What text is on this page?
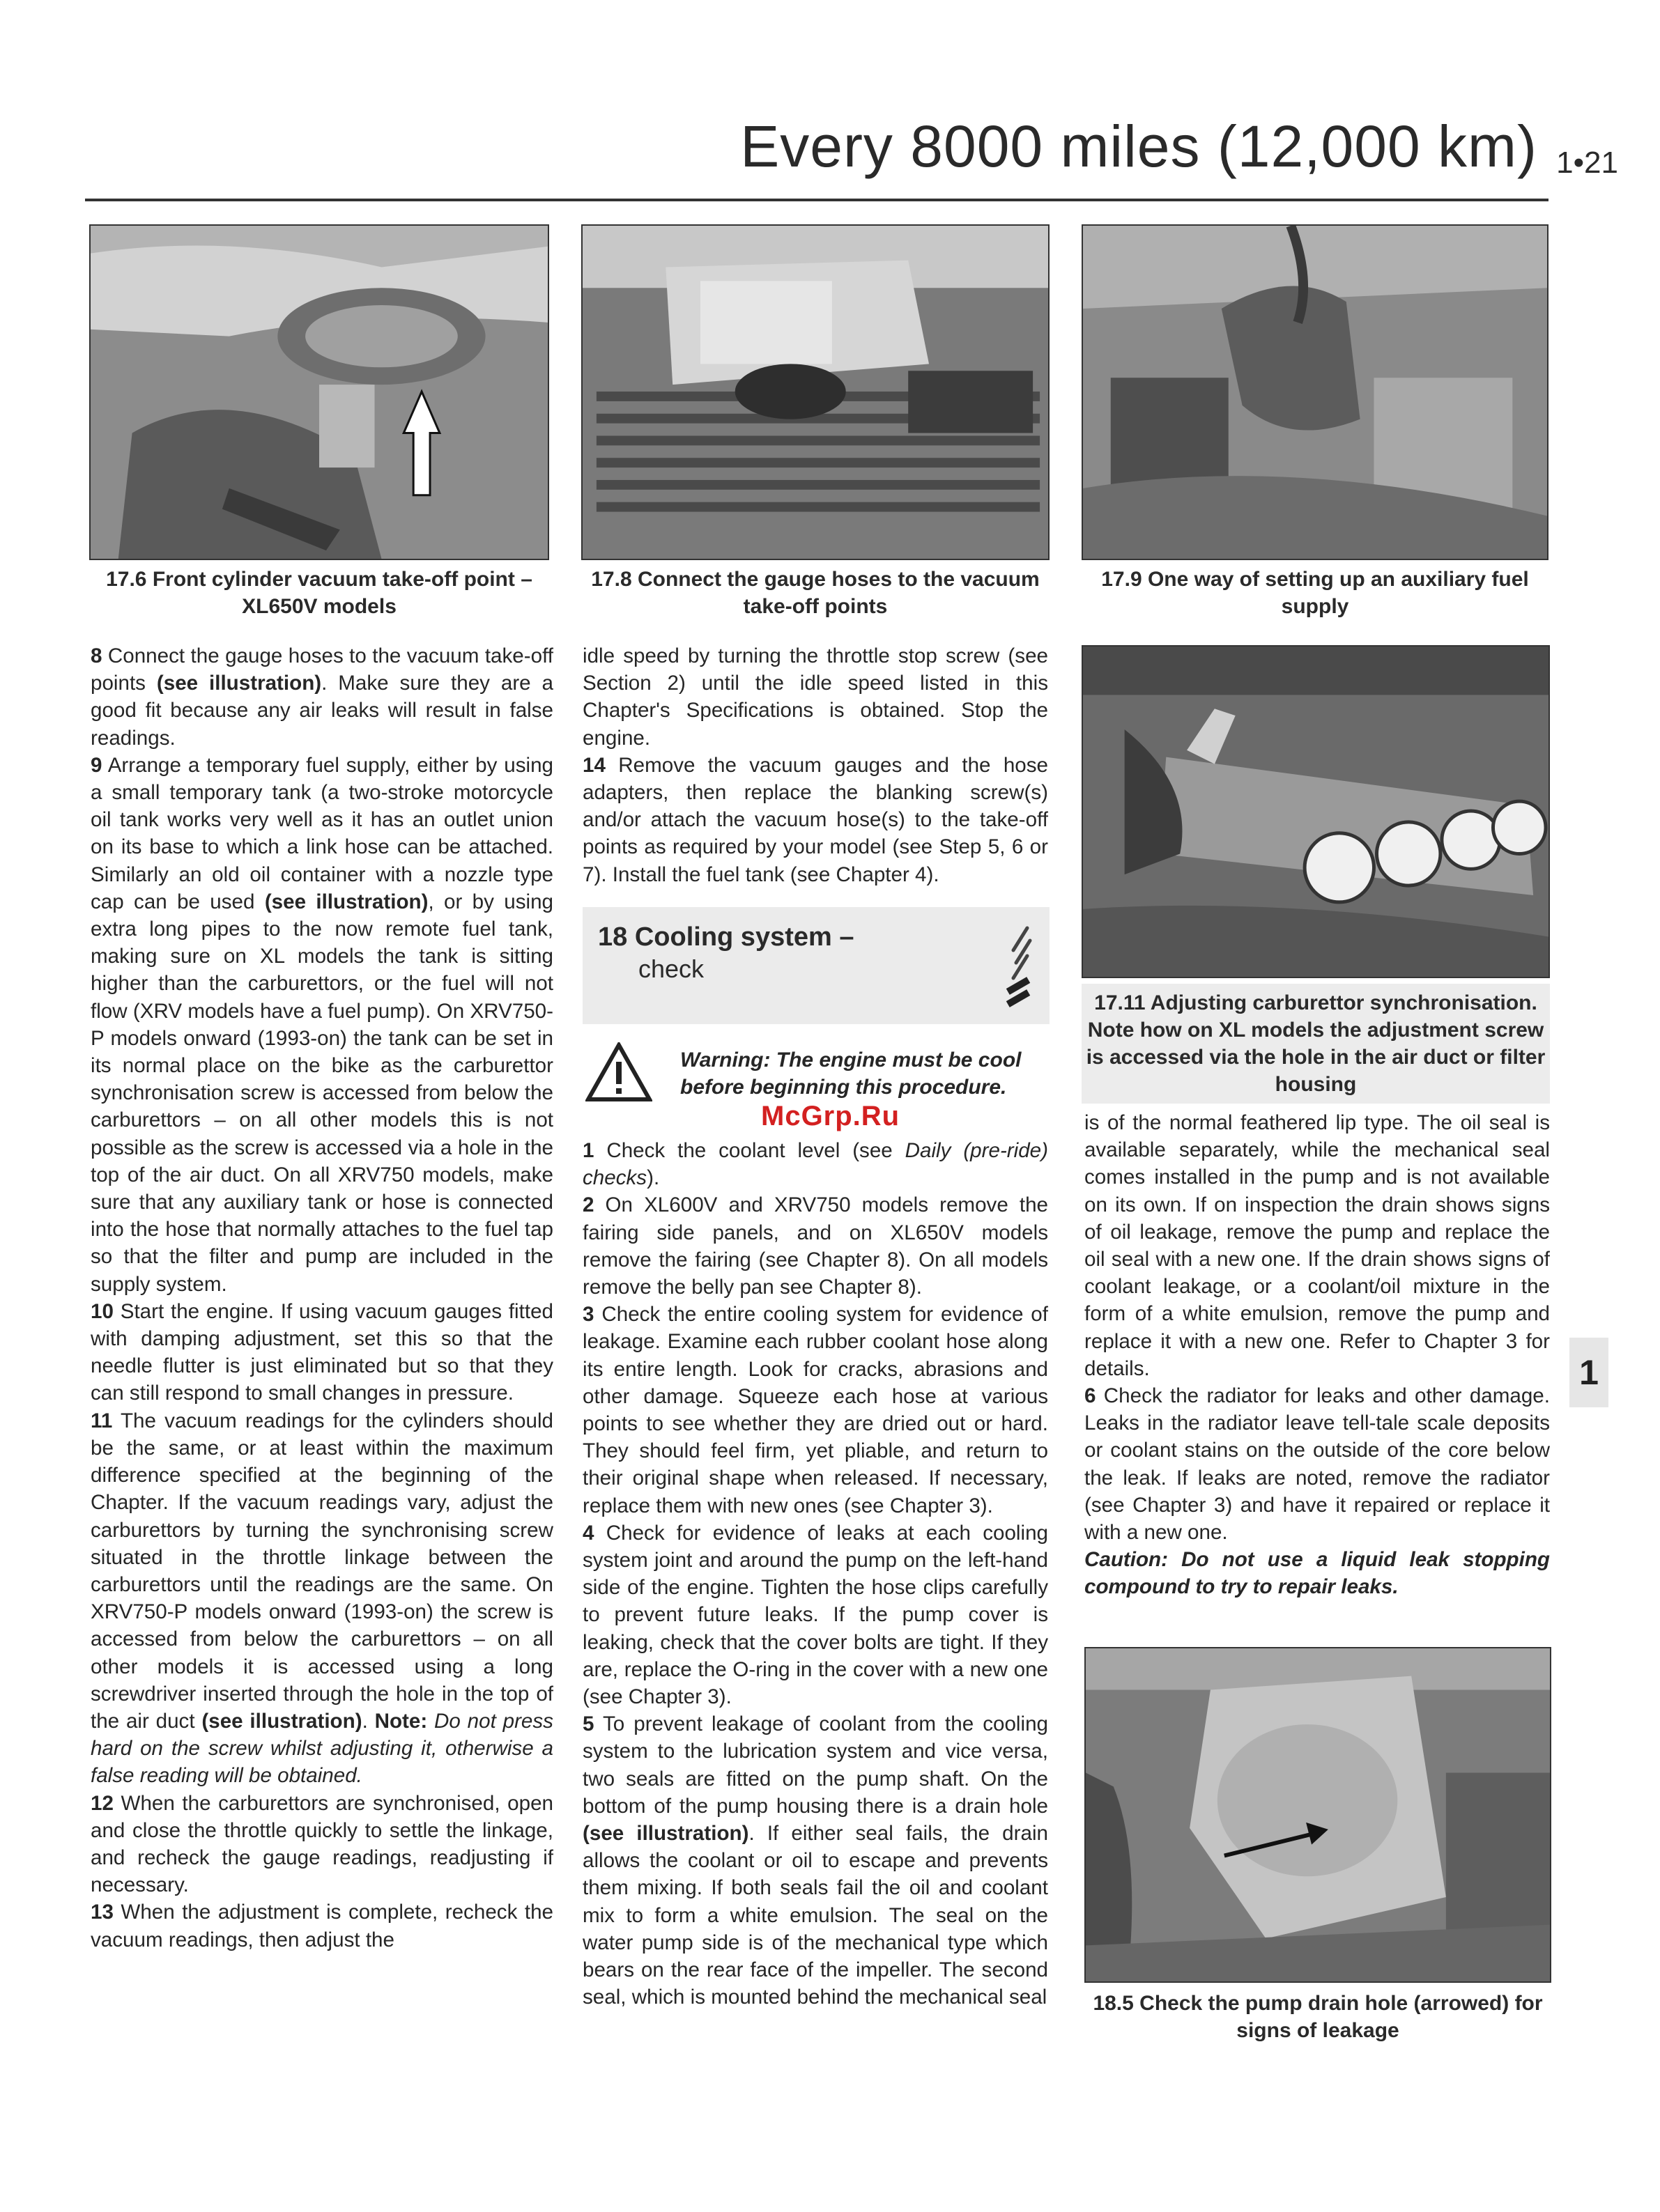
Every 8000 miles (12,000 km) 1•21
17.6 Front cylinder vacuum take-off point – XL650V models
17.8 Connect the gauge hoses to the vacuum take-off points
17.9 One way of setting up an auxiliary fuel supply

8 Connect the gauge hoses to the vacuum take-off points (see illustration). Make sure they are a good fit because any air leaks will result in false readings.

9 Arrange a temporary fuel supply, either by using a small temporary tank (a two-stroke motorcycle oil tank works very well as it has an outlet union on its base to which a link hose can be attached. Similarly an old oil container with a nozzle type cap can be used (see illustration), or by using extra long pipes to the now remote fuel tank, making sure on XL models the tank is sitting higher than the carburettors, or the fuel will not flow (XRV models have a fuel pump). On XRV750-P models onward (1993-on) the tank can be set in its normal place on the bike as the carburettor synchronisation screw is accessed from below the carburettors – on all other models this is not possible as the screw is accessed via a hole in the top of the air duct. On all XRV750 models, make sure that any auxiliary tank or hose is connected into the hose that normally attaches to the fuel tap so that the filter and pump are included in the supply system.

10 Start the engine. If using vacuum gauges fitted with damping adjustment, set this so that the needle flutter is just eliminated but so that they can still respond to small changes in pressure.

11 The vacuum readings for the cylinders should be the same, or at least within the maximum difference specified at the beginning of the Chapter. If the vacuum readings vary, adjust the carburettors by turning the synchronising screw situated in the throttle linkage between the carburettors until the readings are the same. On XRV750-P models onward (1993-on) the screw is accessed from below the carburettors – on all other models it is accessed using a long screwdriver inserted through the hole in the top of the air duct (see illustration). Note: Do not press hard on the screw whilst adjusting it, otherwise a false reading will be obtained.

12 When the carburettors are synchronised, open and close the throttle quickly to settle the linkage, and recheck the gauge readings, readjusting if necessary.

13 When the adjustment is complete, recheck the vacuum readings, then adjust the

idle speed by turning the throttle stop screw (see Section 2) until the idle speed listed in this Chapter's Specifications is obtained. Stop the engine.

14 Remove the vacuum gauges and the hose adapters, then replace the blanking screw(s) and/or attach the vacuum hose(s) to the take-off points as required by your model (see Step 5, 6 or 7). Install the fuel tank (see Chapter 4).

18 Cooling system –
check
Warning: The engine must be cool before beginning this procedure.
McGrp.Ru

1 Check the coolant level (see Daily (pre-ride) checks).

2 On XL600V and XRV750 models remove the fairing side panels, and on XL650V models remove the fairing (see Chapter 8). On all models remove the belly pan see Chapter 8).

3 Check the entire cooling system for evidence of leakage. Examine each rubber coolant hose along its entire length. Look for cracks, abrasions and other damage. Squeeze each hose at various points to see whether they are dried out or hard. They should feel firm, yet pliable, and return to their original shape when released. If necessary, replace them with new ones (see Chapter 3).

4 Check for evidence of leaks at each cooling system joint and around the pump on the left-hand side of the engine. Tighten the hose clips carefully to prevent future leaks. If the pump cover is leaking, check that the cover bolts are tight. If they are, replace the O-ring in the cover with a new one (see Chapter 3).

5 To prevent leakage of coolant from the cooling system to the lubrication system and vice versa, two seals are fitted on the pump shaft. On the bottom of the pump housing there is a drain hole (see illustration). If either seal fails, the drain allows the coolant or oil to escape and prevents them mixing. If both seals fail the oil and coolant mix to form a white emulsion. The seal on the water pump side is of the mechanical type which bears on the rear face of the impeller. The second seal, which is mounted behind the mechanical seal

17.11 Adjusting carburettor synchronisation. Note how on XL models the adjustment screw is accessed via the hole in the air duct or filter housing

is of the normal feathered lip type. The oil seal is available separately, while the mechanical seal comes installed in the pump and is not available on its own. If on inspection the drain shows signs of oil leakage, remove the pump and replace the oil seal with a new one. If the drain shows signs of coolant leakage, or a coolant/oil mixture in the form of a white emulsion, remove the pump and replace it with a new one. Refer to Chapter 3 for details.

6 Check the radiator for leaks and other damage. Leaks in the radiator leave tell-tale scale deposits or coolant stains on the outside of the core below the leak. If leaks are noted, remove the radiator (see Chapter 3) and have it repaired or replace it with a new one.

Caution: Do not use a liquid leak stopping compound to try to repair leaks.

1
18.5 Check the pump drain hole (arrowed) for signs of leakage
